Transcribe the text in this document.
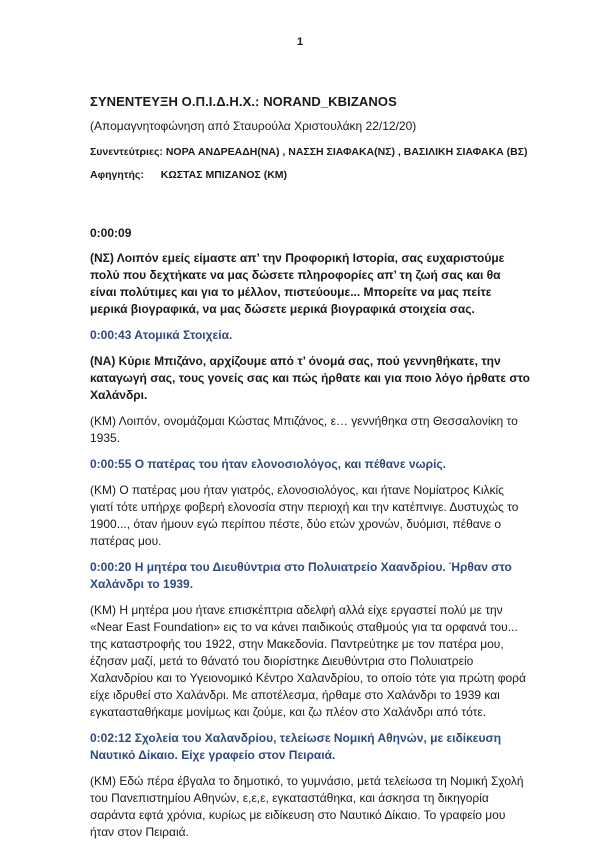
1

ΣΥΝΕΝΤΕΥΞΗ Ο.Π.Ι.Δ.Η.Χ.: NORAND_KBIZANOS

(Απομαγνητοφώνηση από Σταυρούλα Χριστουλάκη 22/12/20)

Συνεντεύτριες: ΝΟΡΑ ΑΝΔΡΕΑΔΗ(ΝΑ) , ΝΑΣΣΗ ΣΙΑΦΑΚΑ(ΝΣ) , ΒΑΣΙΛΙΚΗ ΣΙΑΦΑΚΑ (ΒΣ)

Αφηγητής: ΚΩΣΤΑΣ ΜΠΙΖΑΝΟΣ (ΚΜ)

0:00:09

(ΝΣ) Λοιπόν εμείς είμαστε απ’ την Προφορική Ιστορία, σας ευχαριστούμε πολύ που δεχτήκατε να μας δώσετε πληροφορίες απ’ τη ζωή σας και θα είναι πολύτιμες και για το μέλλον, πιστεύουμε... Μπορείτε να μας πείτε μερικά βιογραφικά, να μας δώσετε μερικά βιογραφικά στοιχεία σας.

0:00:43 Ατομικά Στοιχεία.

(ΝΑ) Κύριε Μπιζάνο, αρχίζουμε από τ’ όνομά σας, πού γεννηθήκατε, την καταγωγή σας, τους γονείς σας και πώς ήρθατε και για ποιο λόγο ήρθατε στο Χαλάνδρι.

(ΚΜ) Λοιπόν, ονομάζομαι Κώστας Μπιζάνος, ε… γεννήθηκα στη Θεσσαλονίκη το 1935.

0:00:55 Ο πατέρας του ήταν ελονοσιολόγος, και πέθανε νωρίς.

(ΚΜ) Ο πατέρας μου ήταν γιατρός, ελονοσιολόγος, και ήτανε Νομίατρος Κιλκίς γιατί τότε υπήρχε φοβερή ελονοσία στην περιοχή και την κατέπνιγε. Δυστυχώς το 1900..., όταν ήμουν εγώ περίπου πέστε, δύο ετών χρονών, δυόμισι, πέθανε ο πατέρας μου.

0:00:20 Η μητέρα του Διευθύντρια στο Πολυιατρείο Χαανδρίου. Ήρθαν στο Χαλάνδρι το 1939.

(ΚΜ) Η μητέρα μου ήτανε επισκέπτρια αδελφή αλλά είχε εργαστεί πολύ με την «Near East Foundation» εις το να κάνει παιδικούς σταθμούς για τα ορφανά του... της καταστροφής του 1922, στην Μακεδονία. Παντρεύτηκε με τον πατέρα μου, έζησαν μαζί, μετά το θάνατό του διορίστηκε Διευθύντρια στο Πολυιατρείο Χαλανδρίου και το Υγειονομικό Κέντρο Χαλανδρίου, το οποίο τότε για πρώτη φορά είχε ιδρυθεί στο Χαλάνδρι. Με αποτέλεσμα, ήρθαμε στο Χαλάνδρι το 1939 και εγκατασταθήκαμε μονίμως και ζούμε, και ζω πλέον στο Χαλάνδρι από τότε.

0:02:12 Σχολεία του Χαλανδρίου, τελείωσε Νομική Αθηνών, με ειδίκευση Ναυτικό Δίκαιο. Είχε γραφείο στον Πειραιά.

(ΚΜ) Εδώ πέρα έβγαλα το δημοτικό, το γυμνάσιο, μετά τελείωσα τη Νομική Σχολή του Πανεπιστημίου Αθηνών, ε,ε,ε, εγκαταστάθηκα, και άσκησα τη δικηγορία σαράντα εφτά χρόνια, κυρίως με ειδίκευση στο Ναυτικό Δίκαιο. Το γραφείο μου ήταν στον Πειραιά.
